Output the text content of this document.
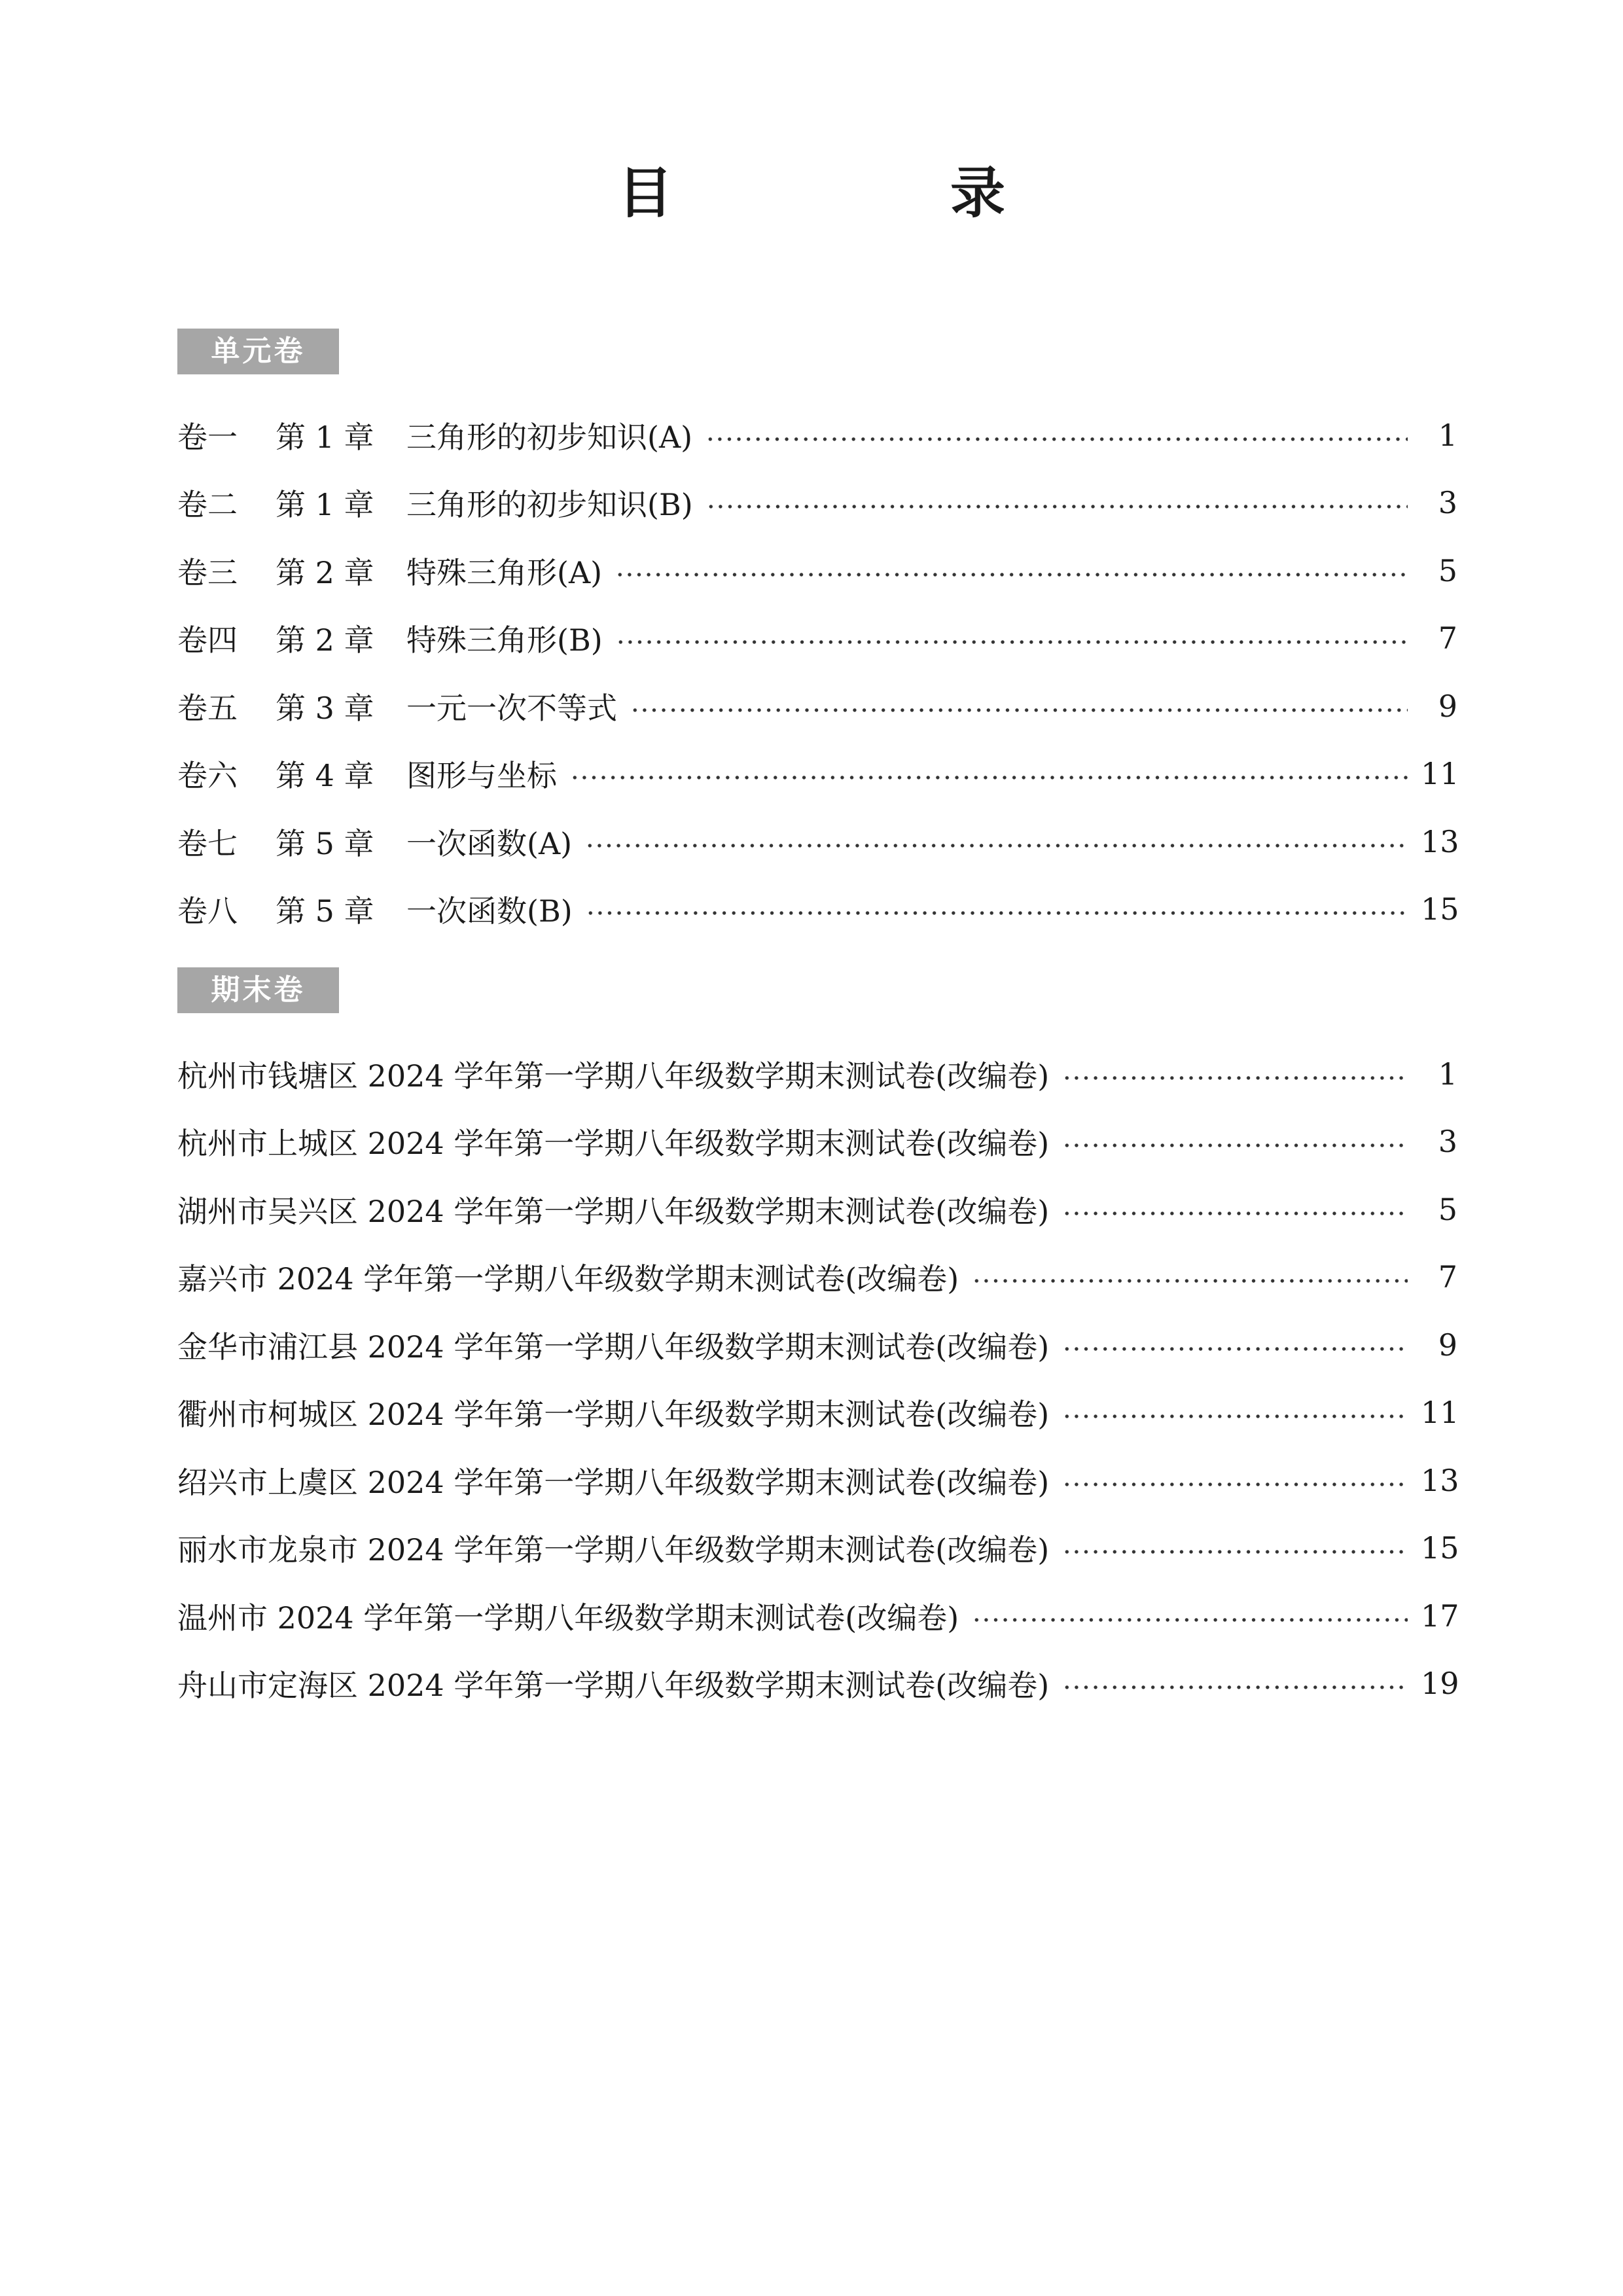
目　录
单元卷
卷一	第 1 章	三角形的初步知识(A)	1
卷二	第 1 章	三角形的初步知识(B)	3
卷三	第 2 章	特殊三角形(A)	5
卷四	第 2 章	特殊三角形(B)	7
卷五	第 3 章	一元一次不等式	9
卷六	第 4 章	图形与坐标	11
卷七	第 5 章	一次函数(A)	13
卷八	第 5 章	一次函数(B)	15
期末卷
杭州市钱塘区 2024 学年第一学期八年级数学期末测试卷(改编卷)	1
杭州市上城区 2024 学年第一学期八年级数学期末测试卷(改编卷)	3
湖州市吴兴区 2024 学年第一学期八年级数学期末测试卷(改编卷)	5
嘉兴市 2024 学年第一学期八年级数学期末测试卷(改编卷)	7
金华市浦江县 2024 学年第一学期八年级数学期末测试卷(改编卷)	9
衢州市柯城区 2024 学年第一学期八年级数学期末测试卷(改编卷)	11
绍兴市上虞区 2024 学年第一学期八年级数学期末测试卷(改编卷)	13
丽水市龙泉市 2024 学年第一学期八年级数学期末测试卷(改编卷)	15
温州市 2024 学年第一学期八年级数学期末测试卷(改编卷)	17
舟山市定海区 2024 学年第一学期八年级数学期末测试卷(改编卷)	19
